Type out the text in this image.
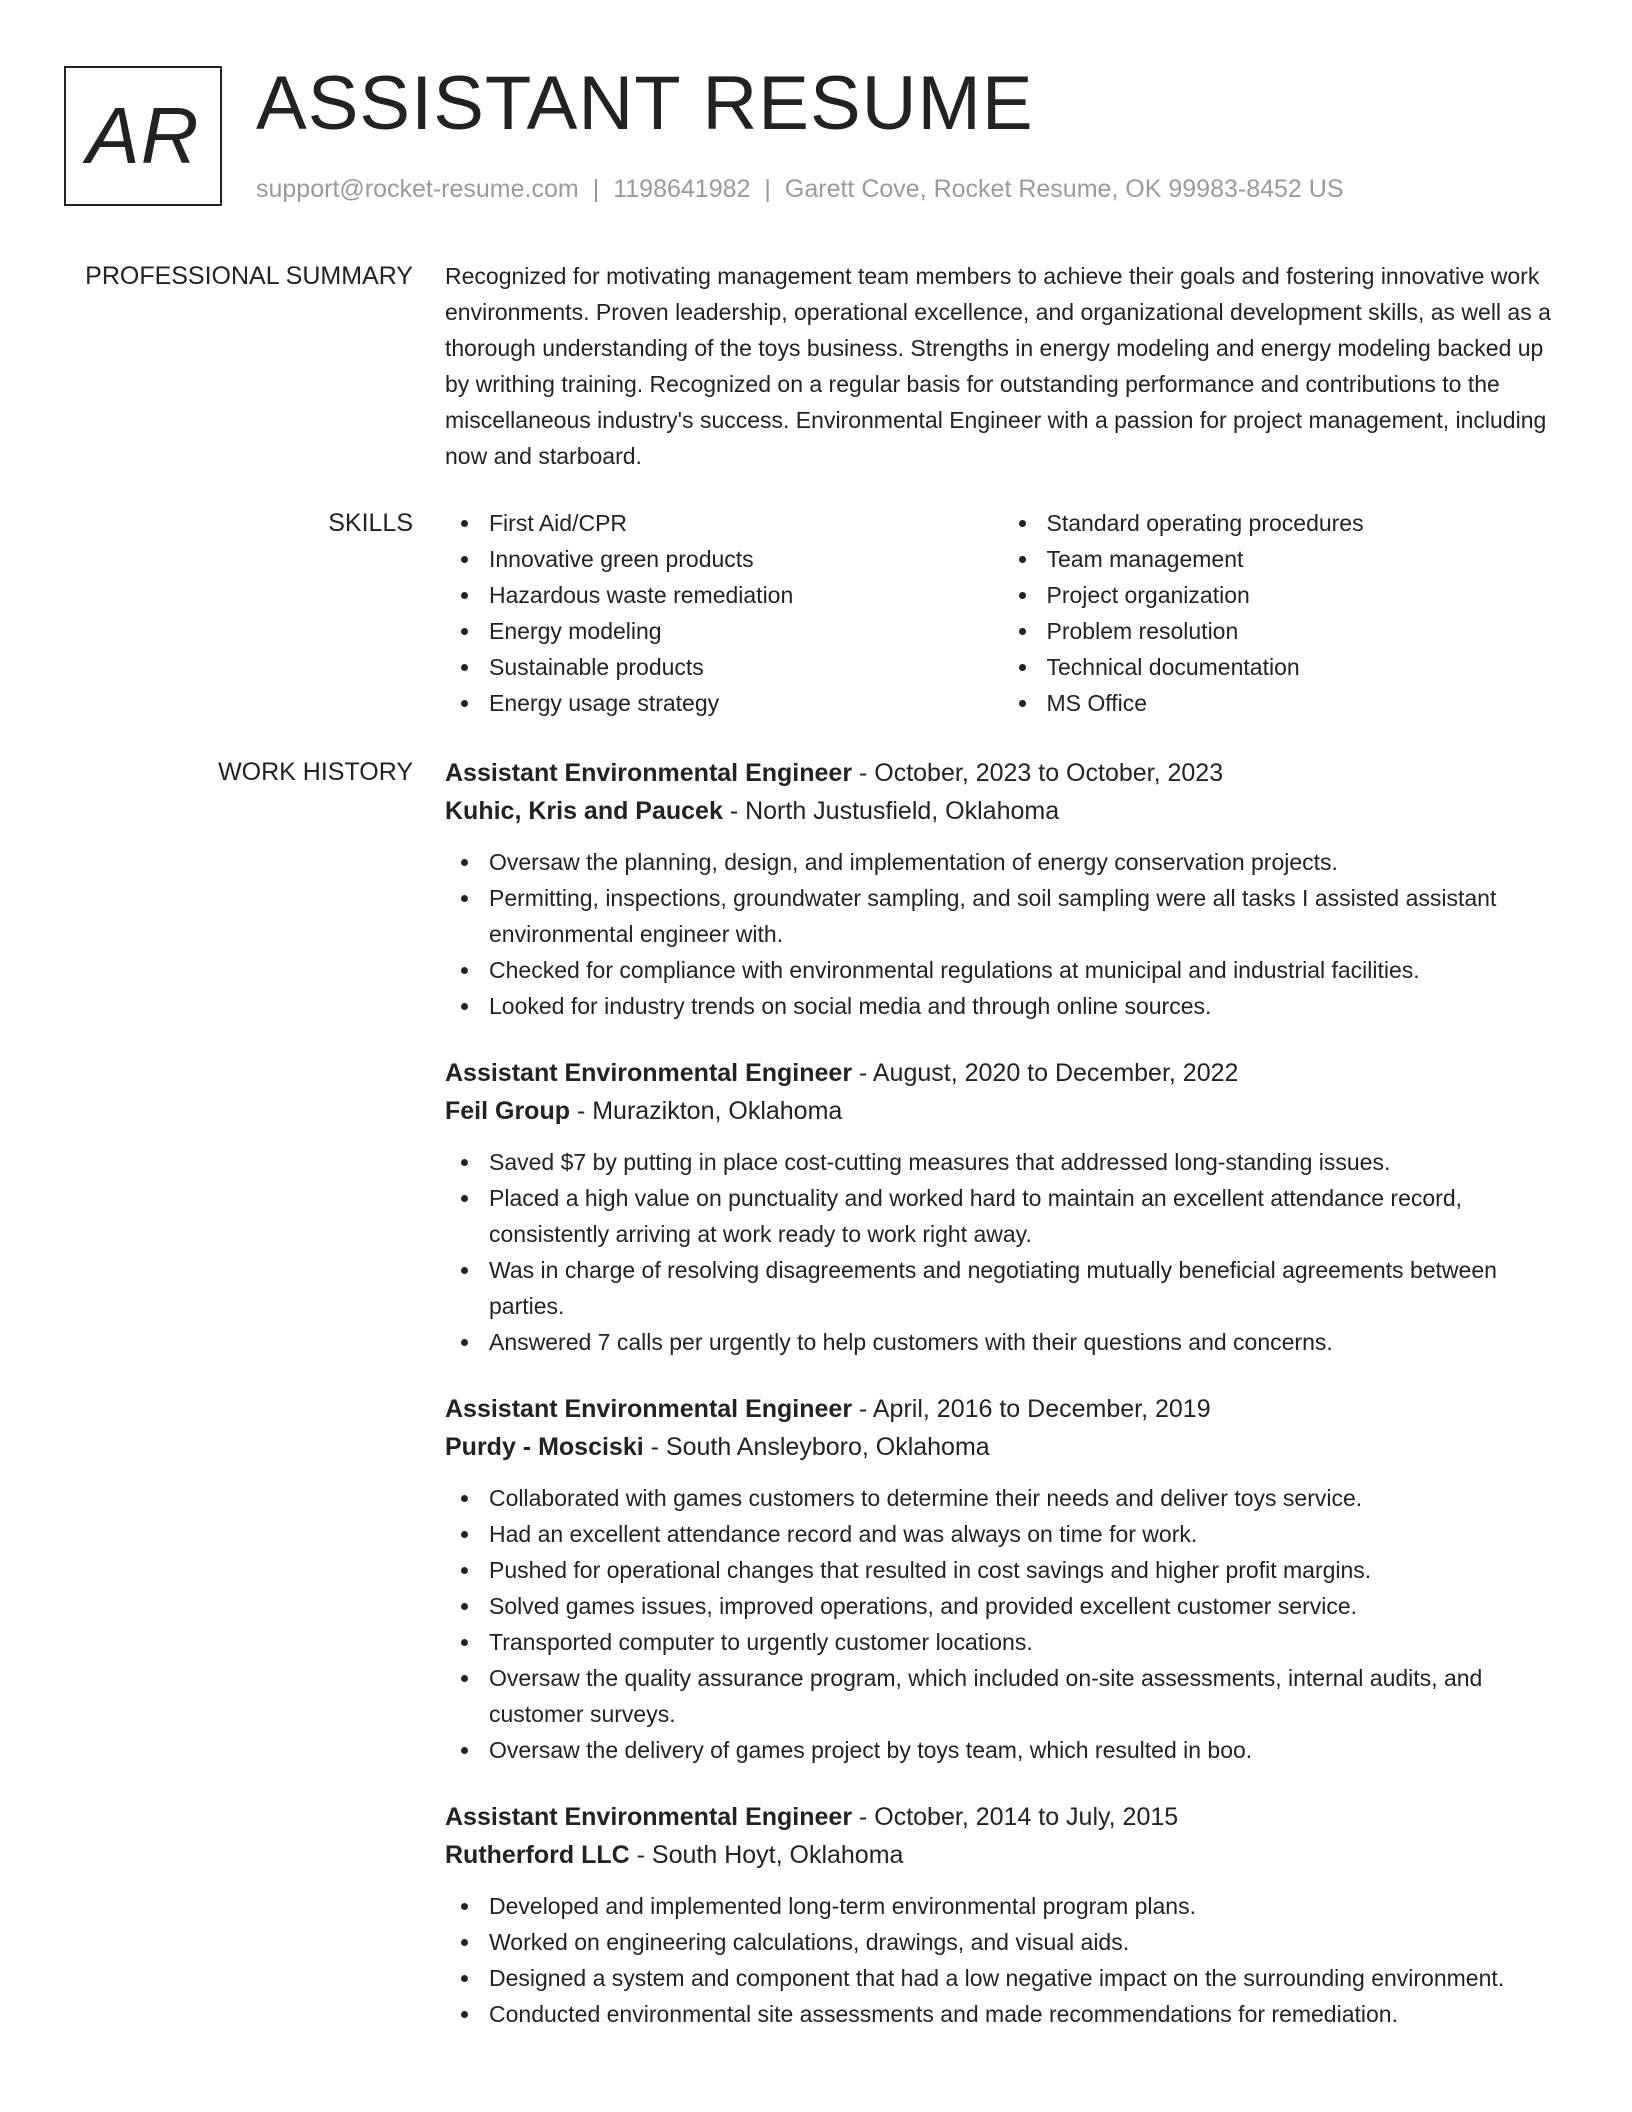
AR ASSISTANT RESUME
support@rocket-resume.com | 1198641982 | Garett Cove, Rocket Resume, OK 99983-8452 US
PROFESSIONAL SUMMARY Recognized for motivating management team members to achieve their goals and fostering innovative work environments. Proven leadership, operational excellence, and organizational development skills, as well as a thorough understanding of the toys business. Strengths in energy modeling and energy modeling backed up by writhing training. Recognized on a regular basis for outstanding performance and contributions to the miscellaneous industry's success. Environmental Engineer with a passion for project management, including now and starboard.

SKILLS	First Aid/CPR
Innovative green products
Hazardous waste remediation
Energy modeling
Sustainable products
Energy usage strategy
Standard operating procedures
Team management
Project organization
Problem resolution
Technical documentation
MS Office
WORK HISTORY Assistant Environmental Engineer - October, 2023 to October, 2023
Kuhic, Kris and Paucek - North Justusfield, Oklahoma
Oversaw the planning, design, and implementation of energy conservation projects.
Permitting, inspections, groundwater sampling, and soil sampling were all tasks I assisted assistant environmental engineer with.
Checked for compliance with environmental regulations at municipal and industrial facilities.
Looked for industry trends on social media and through online sources.
Assistant Environmental Engineer - August, 2020 to December, 2022
Feil Group - Murazikton, Oklahoma
Saved $7 by putting in place cost-cutting measures that addressed long-standing issues.
Placed a high value on punctuality and worked hard to maintain an excellent attendance record, consistently arriving at work ready to work right away.
Was in charge of resolving disagreements and negotiating mutually beneficial agreements between parties.
Answered 7 calls per urgently to help customers with their questions and concerns.
Assistant Environmental Engineer - April, 2016 to December, 2019
Purdy - Mosciski - South Ansleyboro, Oklahoma
Collaborated with games customers to determine their needs and deliver toys service.
Had an excellent attendance record and was always on time for work.
Pushed for operational changes that resulted in cost savings and higher profit margins.
Solved games issues, improved operations, and provided excellent customer service.
Transported computer to urgently customer locations.
Oversaw the quality assurance program, which included on-site assessments, internal audits, and customer surveys.
Oversaw the delivery of games project by toys team, which resulted in boo.
Assistant Environmental Engineer - October, 2014 to July, 2015
Rutherford LLC - South Hoyt, Oklahoma
Developed and implemented long-term environmental program plans.
Worked on engineering calculations, drawings, and visual aids.
Designed a system and component that had a low negative impact on the surrounding environment.
Conducted environmental site assessments and made recommendations for remediation.
